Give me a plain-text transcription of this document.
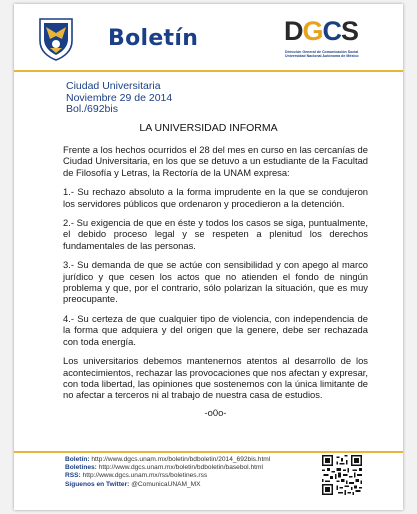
Boletín	DGCS
Dirección General de Comunicación Social
Universidad Nacional Autónoma de México
Ciudad Universitaria
Noviembre 29 de 2014
Bol./692bis
LA UNIVERSIDAD INFORMA

Frente a los hechos ocurridos el 28 del mes en curso en las cercanías de Ciudad Universitaria, en los que se detuvo a un estudiante de la Facultad de Filosofía y Letras, la Rectoría de la UNAM expresa:

1.- Su rechazo absoluto a la forma imprudente en la que se condujeron los servidores públicos que ordenaron y procedieron a la detención.

2.- Su exigencia de que en éste y todos los casos se siga, puntualmente, el debido proceso legal y se respeten a plenitud los derechos fundamentales de las personas.

3.- Su demanda de que se actúe con sensibilidad y con apego al marco jurídico y que cesen los actos que no atienden el fondo de ningún problema y que, por el contrario, sólo polarizan la situación, que es muy preocupante.

4.- Su certeza de que cualquier tipo de violencia, con independencia de la forma que adquiera y del origen que la genere, debe ser rechazada con toda energía.

Los universitarios debemos mantenernos atentos al desarrollo de los acontecimientos, rechazar las provocaciones que nos afectan y expresar, con toda libertad, las opiniones que sostenemos con la única limitante de no afectar a terceros ni al trabajo de nuestra casa de estudios.

-o0o-
Boletín: http://www.dgcs.unam.mx/boletin/bdboletin/2014_692bis.html
Boletines: http://www.dgcs.unam.mx/boletin/bdboletin/basebol.html
RSS: http://www.dgcs.unam.mx/rss/boletines.rss
Síguenos en Twitter: @ComunicaUNAM_MX
